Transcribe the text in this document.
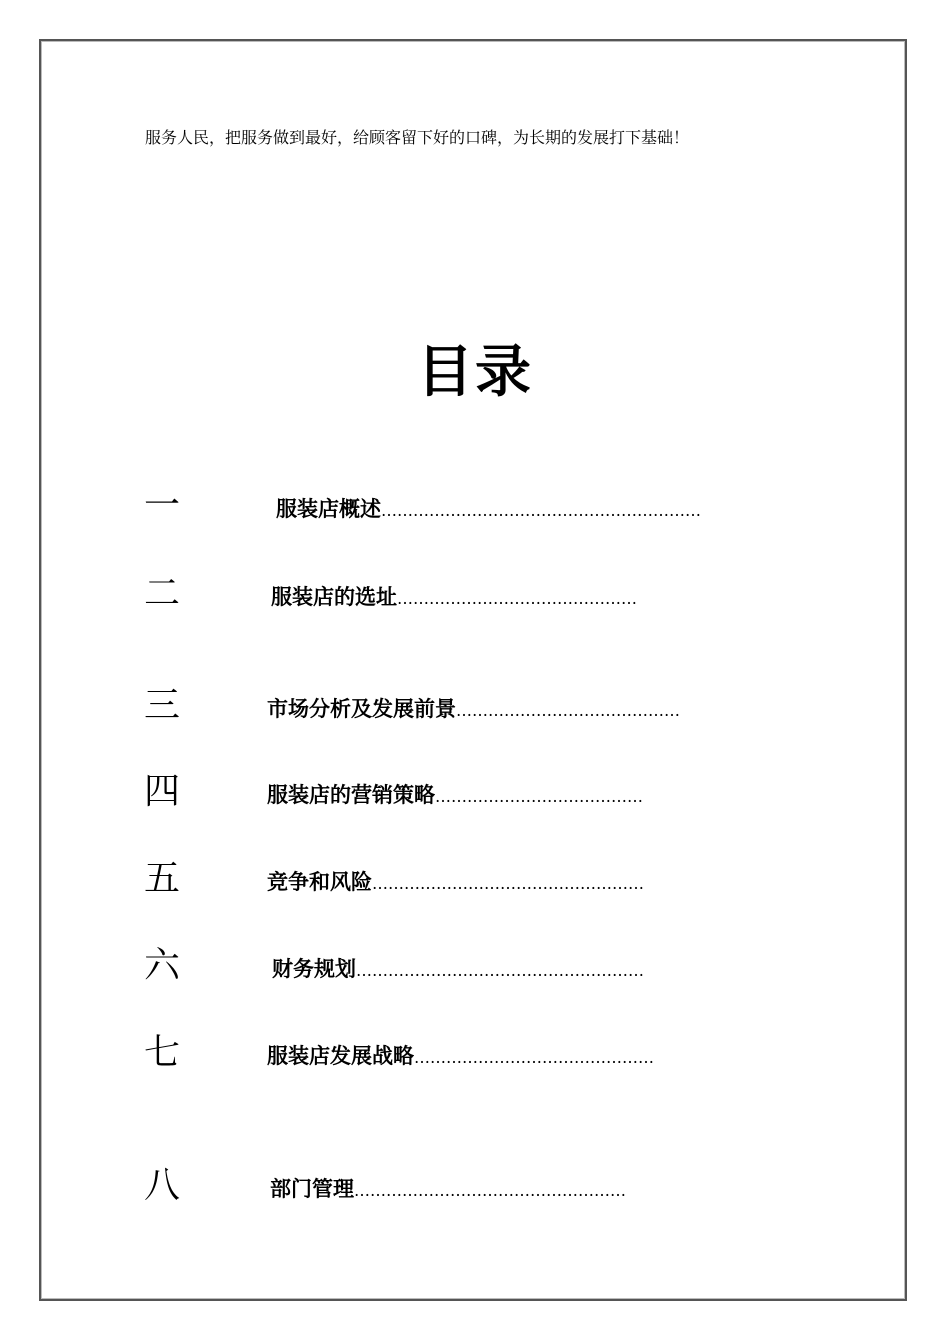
服务人民，把服务做到最好，给顾客留下好的口碑，为长期的发展打下基础！
目录
一	服装店概述……………………………………………………
二	服装店的选址………………………………………
三	市场分析及发展前景……………………………………
四	服装店的营销策略…………………………………
五	竞争和风险……………………………………………
六	财务规划………………………………………………
七	服装店发展战略………………………………………
八	部门管理……………………………………………
